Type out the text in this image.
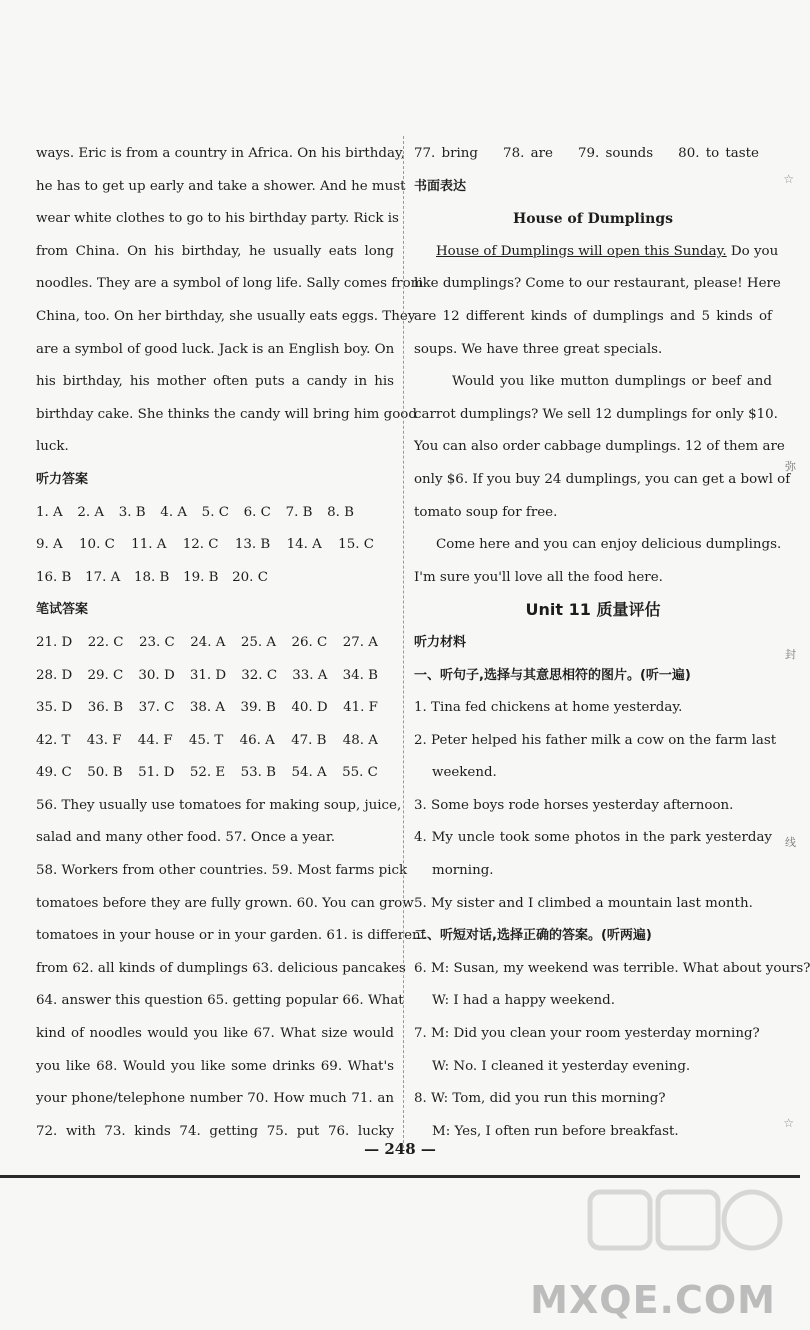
ways. Eric is from a country in Africa. On his birthday,
he has to get up early and take a shower. And he must
wear white clothes to go to his birthday party. Rick is
from China. On his birthday, he usually eats long
noodles. They are a symbol of long life. Sally comes from
China, too. On her birthday, she usually eats eggs. They
are a symbol of good luck. Jack is an English boy. On
his birthday, his mother often puts a candy in his
birthday cake. She thinks the candy will bring him good
luck.
听力答案
1. A 2. A 3. B 4. A 5. C 6. C 7. B 8. B
9. A 10. C 11. A 12. C 13. B 14. A 15. C
16. B 17. A 18. B 19. B 20. C
笔试答案
21. D 22. C 23. C 24. A 25. A 26. C 27. A
28. D 29. C 30. D 31. D 32. C 33. A 34. B
35. D 36. B 37. C 38. A 39. B 40. D 41. F
42. T 43. F 44. F 45. T 46. A 47. B 48. A
49. C 50. B 51. D 52. E 53. B 54. A 55. C
56. They usually use tomatoes for making soup, juice,
salad and many other food. 57. Once a year.
58. Workers from other countries. 59. Most farms pick
tomatoes before they are fully grown. 60. You can grow
tomatoes in your house or in your garden. 61. is different
from 62. all kinds of dumplings 63. delicious pancakes
64. answer this question 65. getting popular 66. What
kind of noodles would you like 67. What size would
you like 68. Would you like some drinks 69. What's
your phone/telephone number 70. How much 71. an
72. with 73. kinds 74. getting 75. put 76. lucky
77. bring 78. are 79. sounds 80. to taste
书面表达
House of Dumplings
House of Dumplings will open this Sunday. Do you
like dumplings? Come to our restaurant, please! Here
are 12 different kinds of dumplings and 5 kinds of
soups. We have three great specials.
Would you like mutton dumplings or beef and
carrot dumplings? We sell 12 dumplings for only $10.
You can also order cabbage dumplings. 12 of them are
only $6. If you buy 24 dumplings, you can get a bowl of
tomato soup for free.
Come here and you can enjoy delicious dumplings.
I'm sure you'll love all the food here.
Unit 11 质量评估
听力材料
一、听句子,选择与其意思相符的图片。(听一遍)
1. Tina fed chickens at home yesterday.
2. Peter helped his father milk a cow on the farm last
weekend.
3. Some boys rode horses yesterday afternoon.
4. My uncle took some photos in the park yesterday
morning.
5. My sister and I climbed a mountain last month.
二、听短对话,选择正确的答案。(听两遍)
6. M: Susan, my weekend was terrible. What about yours?
W: I had a happy weekend.
7. M: Did you clean your room yesterday morning?
W: No. I cleaned it yesterday evening.
8. W: Tom, did you run this morning?
M: Yes, I often run before breakfast.
☆
弥
封
线
☆
— 248 —
MXQE.COM
